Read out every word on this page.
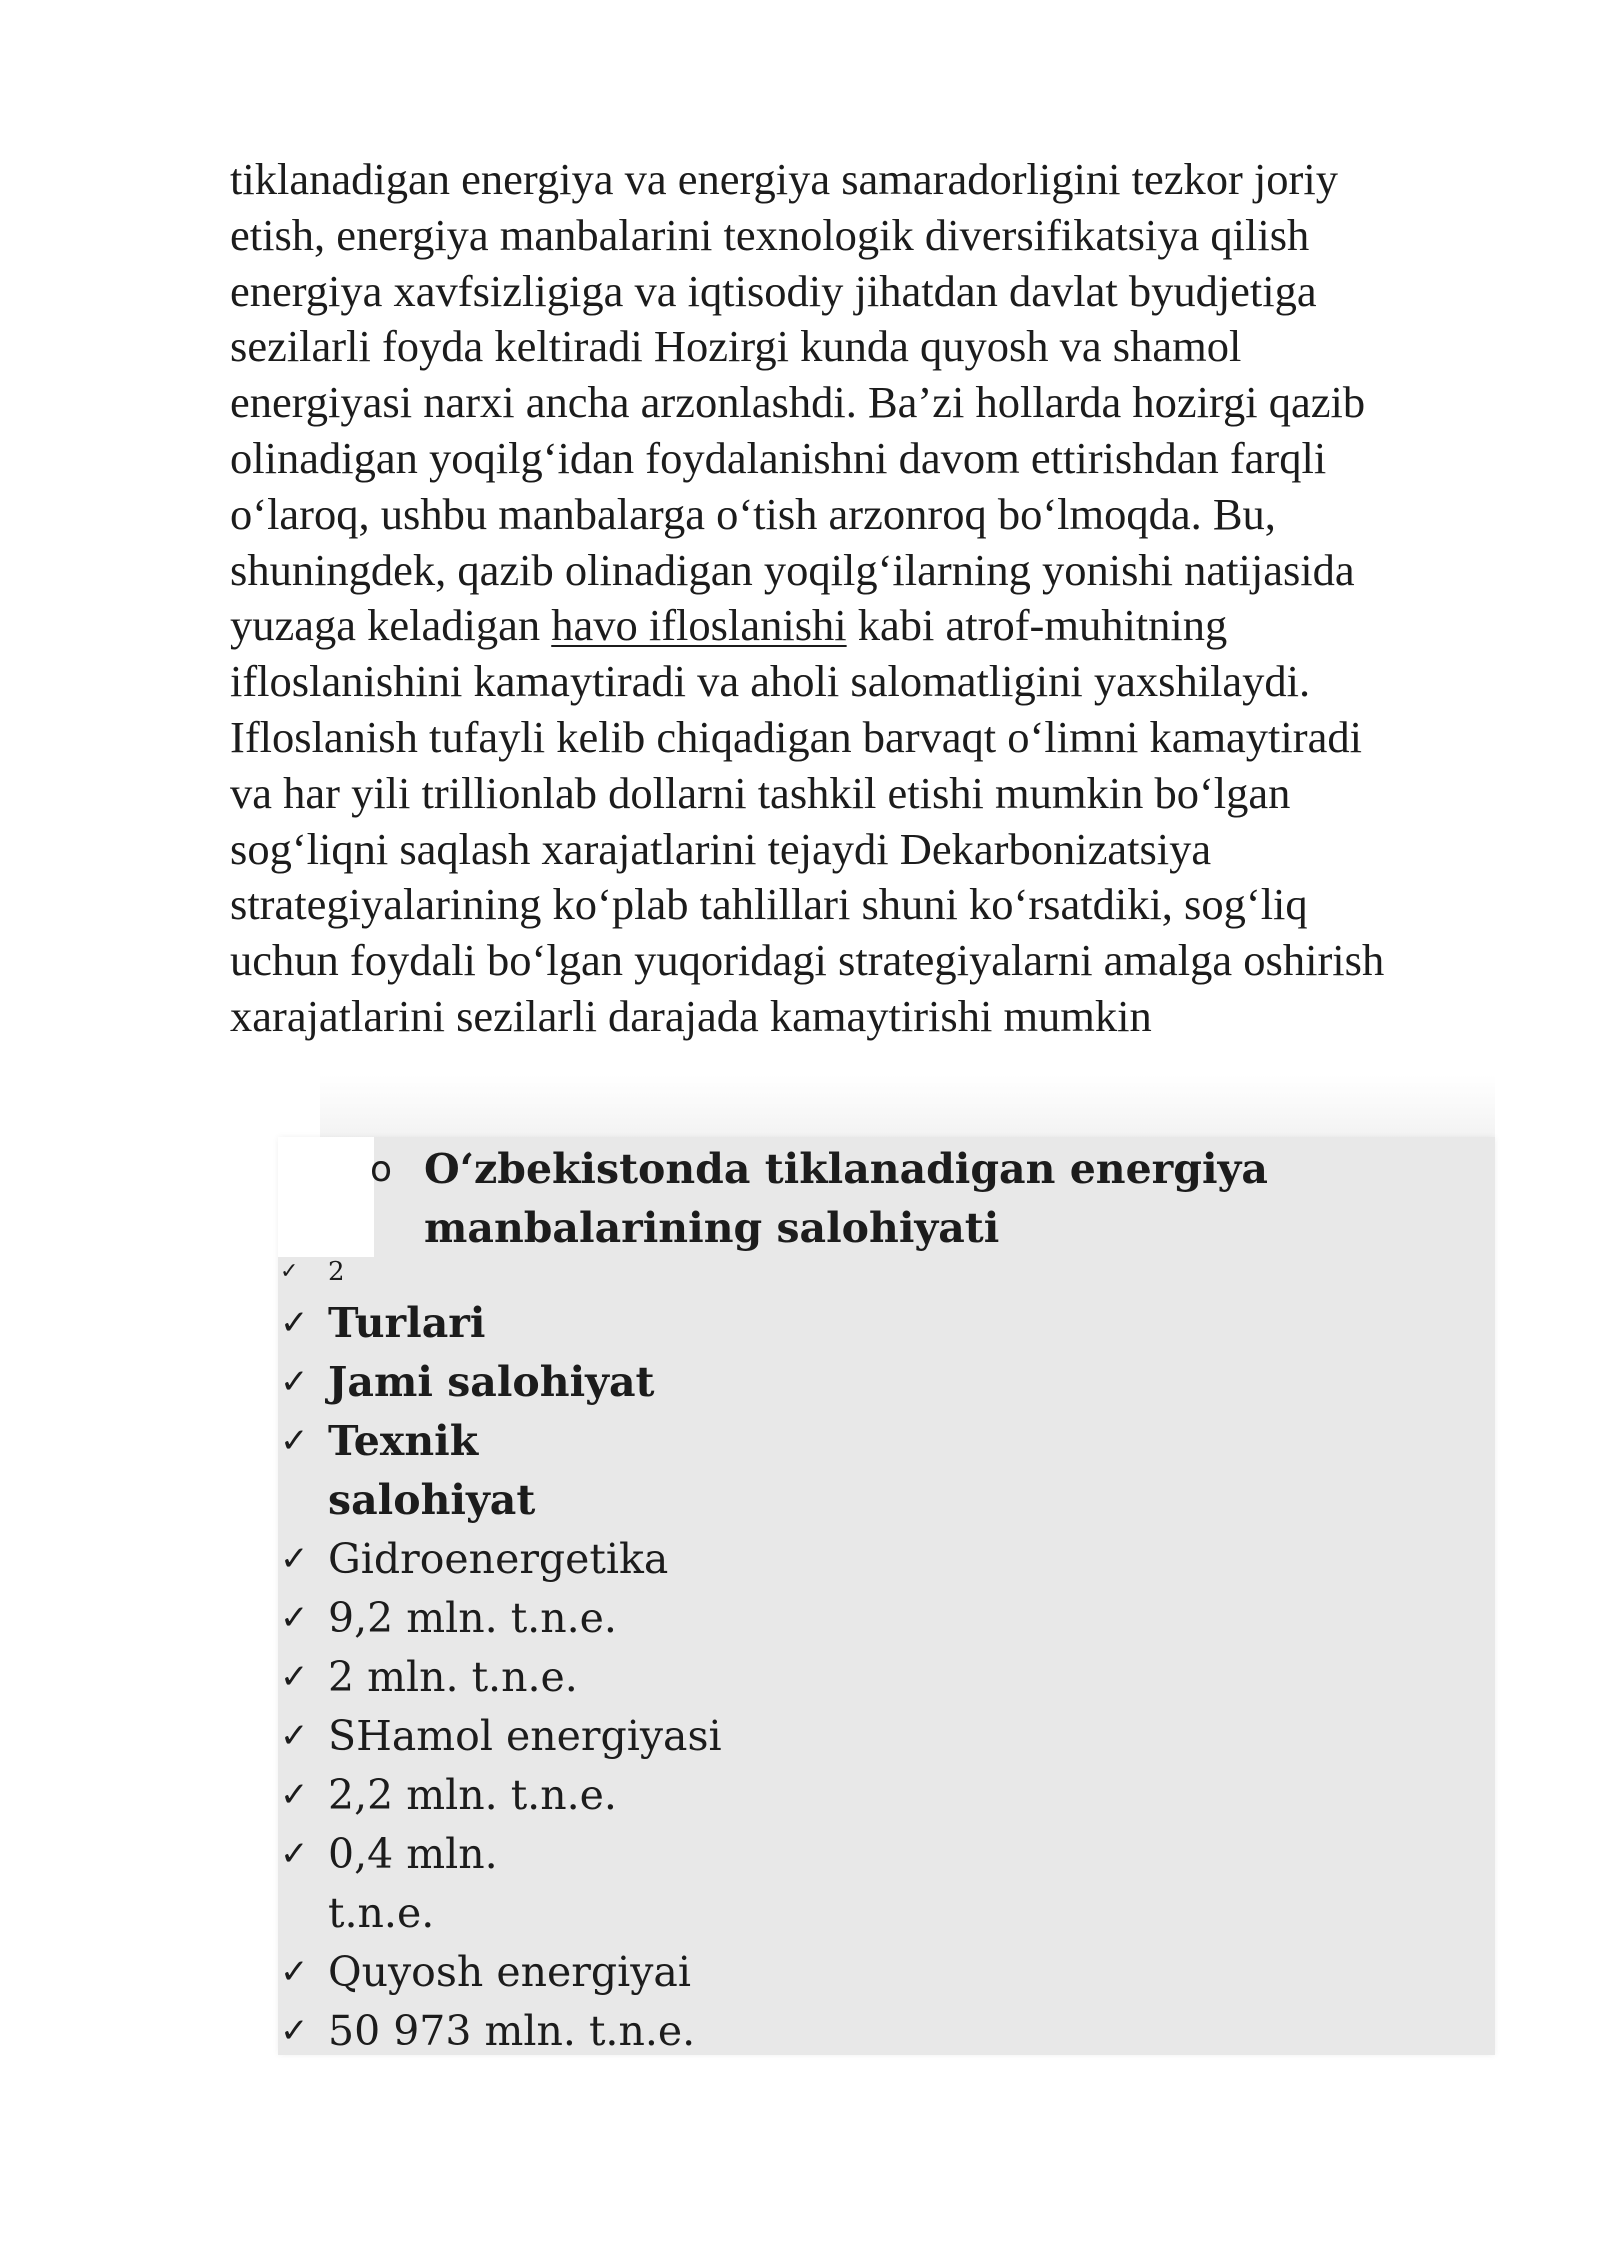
tiklanadigan energiya va energiya samaradorligini tezkor joriy
etish, energiya manbalarini texnologik diversifikatsiya qilish
energiya xavfsizligiga va iqtisodiy jihatdan davlat byudjetiga
sezilarli foyda keltiradi Hozirgi kunda quyosh va shamol
energiyasi narxi ancha arzonlashdi. Ba’zi hollarda hozirgi qazib
olinadigan yoqilg‘idan foydalanishni davom ettirishdan farqli
o‘laroq, ushbu manbalarga o‘tish arzonroq bo‘lmoqda. Bu,
shuningdek, qazib olinadigan yoqilg‘ilarning yonishi natijasida
yuzaga keladigan havo ifloslanishi kabi atrof-muhitning
ifloslanishini kamaytiradi va aholi salomatligini yaxshilaydi.
Ifloslanish tufayli kelib chiqadigan barvaqt o‘limni kamaytiradi
va har yili trillionlab dollarni tashkil etishi mumkin bo‘lgan
sog‘liqni saqlash xarajatlarini tejaydi Dekarbonizatsiya
strategiyalarining ko‘plab tahlillari shuni ko‘rsatdiki, sog‘liq
uchun foydali bo‘lgan yuqoridagi strategiyalarni amalga oshirish
xarajatlarini sezilarli darajada kamaytirishi mumkin
o O‘zbekistonda tiklanadigan energiya manbalarining salohiyati
✓ 2
✓ Turlari
✓ Jami salohiyat
✓ Texnik salohiyat
✓ Gidroenergetika
✓ 9,2 mln. t.n.e.
✓ 2 mln. t.n.e.
✓ SHamol energiyasi
✓ 2,2 mln. t.n.e.
✓ 0,4 mln. t.n.e.
✓ Quyosh energiyai
✓ 50 973 mln. t.n.e.
